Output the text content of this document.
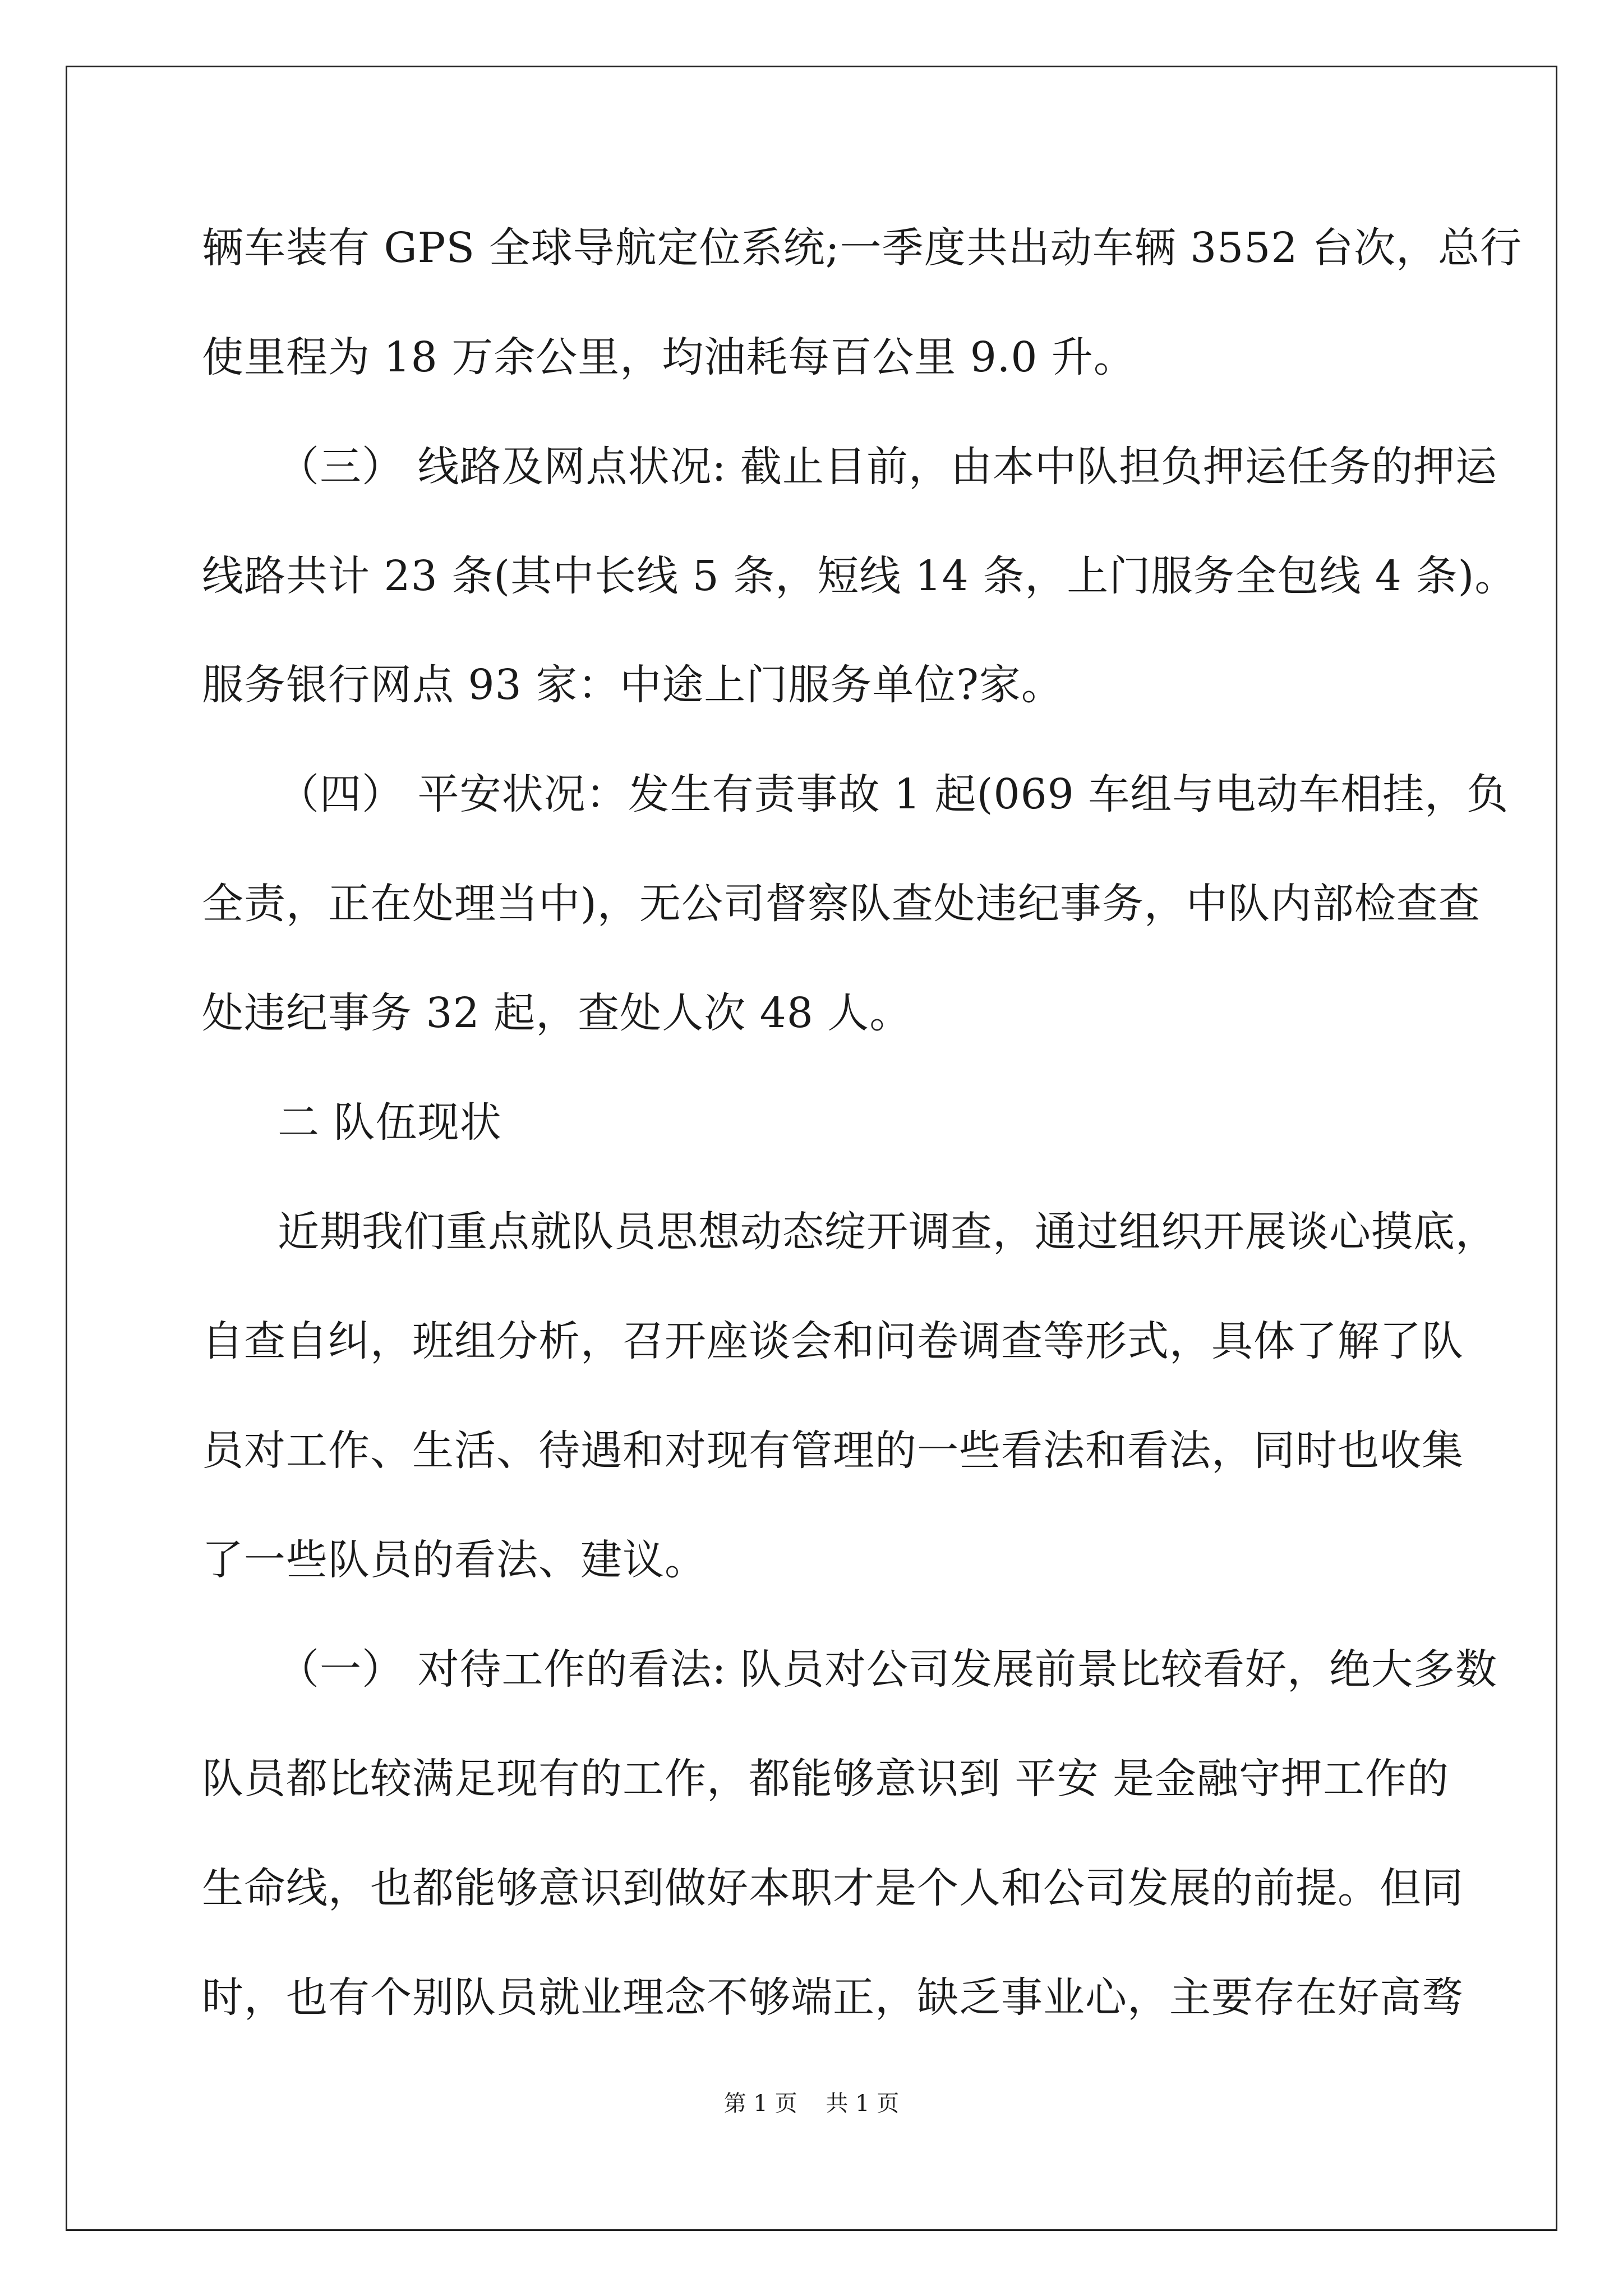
辆车装有 GPS 全球导航定位系统;一季度共出动车辆 3552 台次，总行
使里程为 18 万余公里，均油耗每百公里 9.0 升。
（三） 线路及网点状况: 截止目前，由本中队担负押运任务的押运
线路共计 23 条(其中长线 5 条，短线 14 条，上门服务全包线 4 条)。
服务银行网点 93 家：中途上门服务单位?家。
（四） 平安状况：发生有责事故 1 起(069 车组与电动车相挂，负
全责，正在处理当中)，无公司督察队查处违纪事务，中队内部检查查
处违纪事务 32 起，查处人次 48 人。
二 队伍现状
近期我们重点就队员思想动态绽开调查，通过组织开展谈心摸底，
自查自纠，班组分析，召开座谈会和问卷调查等形式，具体了解了队
员对工作、生活、待遇和对现有管理的一些看法和看法，同时也收集
了一些队员的看法、建议。
（一） 对待工作的看法: 队员对公司发展前景比较看好，绝大多数
队员都比较满足现有的工作，都能够意识到 平安 是金融守押工作的
生命线，也都能够意识到做好本职才是个人和公司发展的前提。但同
时，也有个别队员就业理念不够端正，缺乏事业心，主要存在好高骛
第 1 页    共 1 页
